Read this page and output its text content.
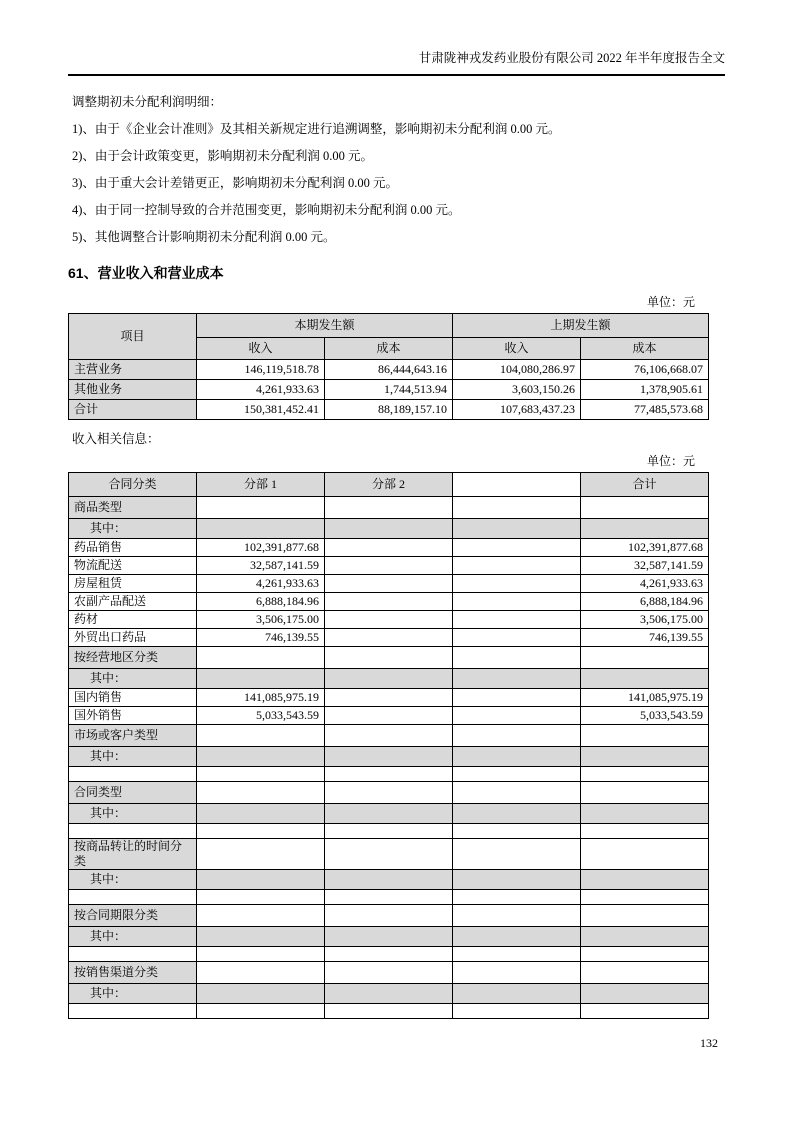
甘肃陇神戎发药业股份有限公司 2022 年半年度报告全文

调整期初未分配利润明细：

1)、由于《企业会计准则》及其相关新规定进行追溯调整，影响期初未分配利润 0.00 元。

2)、由于会计政策变更，影响期初未分配利润 0.00 元。

3)、由于重大会计差错更正，影响期初未分配利润 0.00 元。

4)、由于同一控制导致的合并范围变更，影响期初未分配利润 0.00 元。

5)、其他调整合计影响期初未分配利润 0.00 元。

61、营业收入和营业成本
单位：元
项目	本期发生额		上期发生额	
	收入	成本	收入	成本
主营业务	146,119,518.78	86,444,643.16	104,080,286.97	76,106,668.07
其他业务	4,261,933.63	1,744,513.94	3,603,150.26	1,378,905.61
合计	150,381,452.41	88,189,157.10	107,683,437.23	77,485,573.68

收入相关信息：

单位：元
合同分类	分部 1	分部 2		合计
商品类型				
其中：				
药品销售	102,391,877.68			102,391,877.68
物流配送	32,587,141.59			32,587,141.59
房屋租赁	4,261,933.63			4,261,933.63
农副产品配送	6,888,184.96			6,888,184.96
药材	3,506,175.00			3,506,175.00
外贸出口药品	746,139.55			746,139.55
按经营地区分类				
其中：				
国内销售	141,085,975.19			141,085,975.19
国外销售	5,033,543.59			5,033,543.59
市场或客户类型				
其中：				

合同类型				
其中：				

按商品转让的时间分类				
其中：				

按合同期限分类				
其中：				

按销售渠道分类				
其中：				

132
